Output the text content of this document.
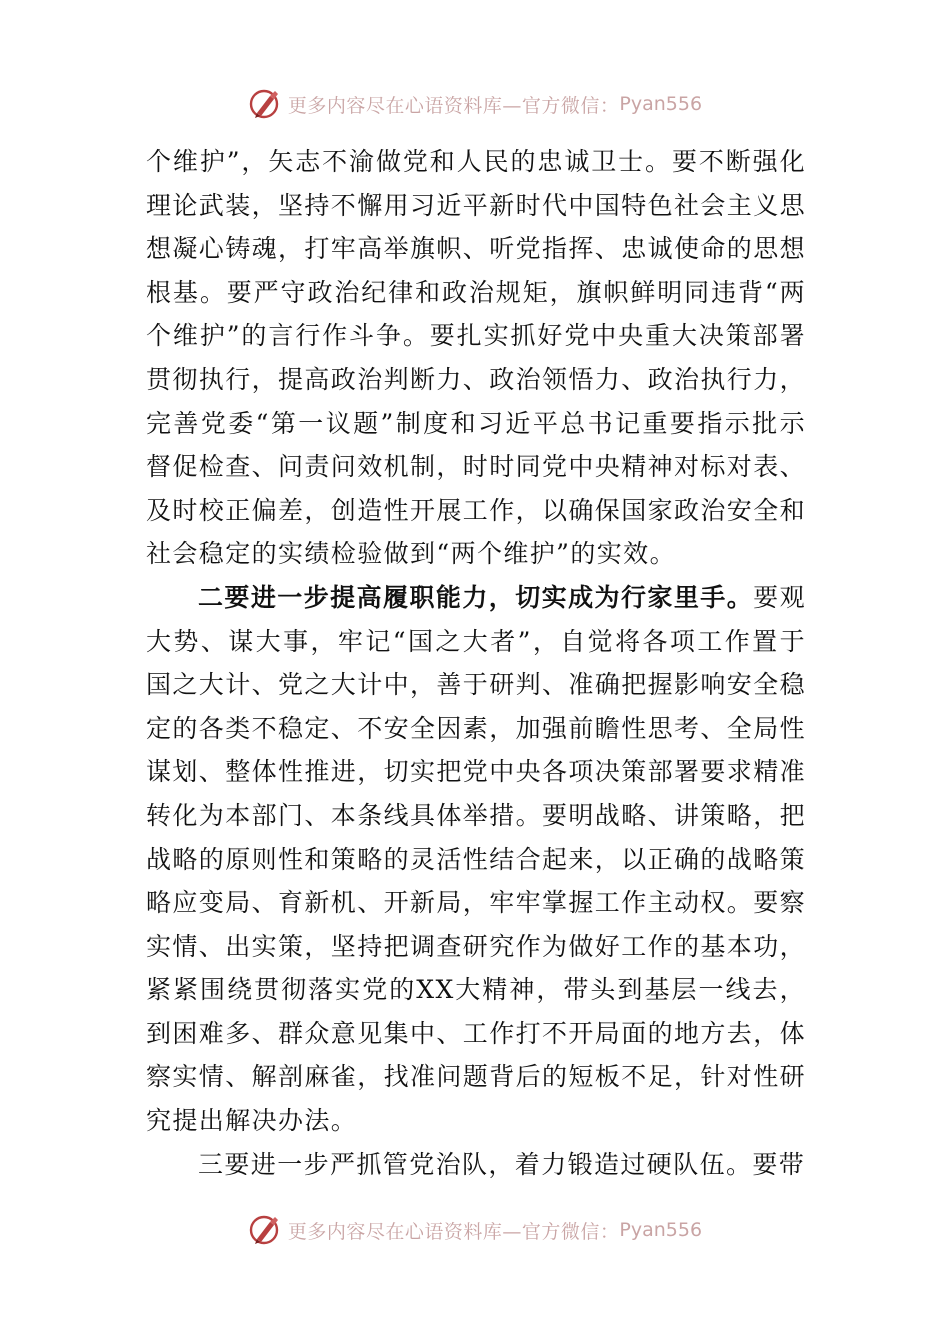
更多内容尽在心语资料库—官方微信： Pyan556

个维护”，矢志不渝做党和人民的忠诚卫士。要不断强化理论武装，坚持不懈用习近平新时代中国特色社会主义思想凝心铸魂，打牢高举旗帜、听党指挥、忠诚使命的思想根基。要严守政治纪律和政治规矩，旗帜鲜明同违背“两个维护”的言行作斗争。要扎实抓好党中央重大决策部署贯彻执行，提高政治判断力、政治领悟力、政治执行力，完善党委“第一议题”制度和习近平总书记重要指示批示督促检查、问责问效机制，时时同党中央精神对标对表、及时校正偏差，创造性开展工作，以确保国家政治安全和社会稳定的实绩检验做到“两个维护”的实效。

二要进一步提高履职能力，切实成为行家里手。要观大势、谋大事，牢记“国之大者”，自觉将各项工作置于国之大计、党之大计中，善于研判、准确把握影响安全稳定的各类不稳定、不安全因素，加强前瞻性思考、全局性谋划、整体性推进，切实把党中央各项决策部署要求精准转化为本部门、本条线具体举措。要明战略、讲策略，把战略的原则性和策略的灵活性结合起来，以正确的战略策略应变局、育新机、开新局，牢牢掌握工作主动权。要察实情、出实策，坚持把调查研究作为做好工作的基本功，紧紧围绕贯彻落实党的XX大精神，带头到基层一线去，到困难多、群众意见集中、工作打不开局面的地方去，体察实情、解剖麻雀，找准问题背后的短板不足，针对性研究提出解决办法。

三要进一步严抓管党治队，着力锻造过硬队伍。要带

更多内容尽在心语资料库—官方微信： Pyan556
